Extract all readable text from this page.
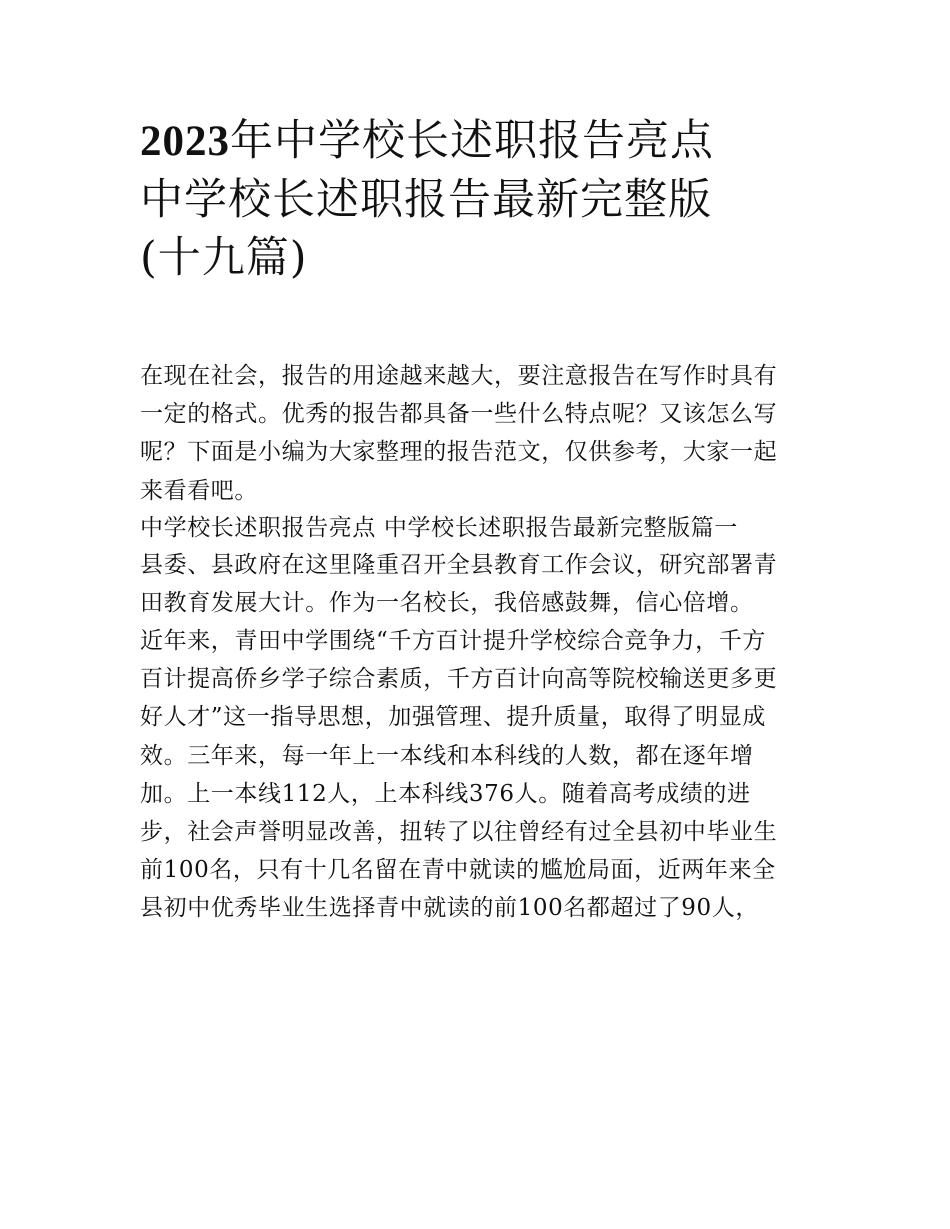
2023年中学校长述职报告亮点
中学校长述职报告最新完整版
(十九篇)
在现在社会，报告的用途越来越大，要注意报告在写作时具有
一定的格式。优秀的报告都具备一些什么特点呢？又该怎么写
呢？下面是小编为大家整理的报告范文，仅供参考，大家一起
来看看吧。
中学校长述职报告亮点 中学校长述职报告最新完整版篇一
县委、县政府在这里隆重召开全县教育工作会议，研究部署青
田教育发展大计。作为一名校长，我倍感鼓舞，信心倍增。
近年来，青田中学围绕“千方百计提升学校综合竞争力，千方
百计提高侨乡学子综合素质，千方百计向高等院校输送更多更
好人才”这一指导思想，加强管理、提升质量，取得了明显成
效。三年来，每一年上一本线和本科线的人数，都在逐年增
加。上一本线112人，上本科线376人。随着高考成绩的进
步，社会声誉明显改善，扭转了以往曾经有过全县初中毕业生
前100名，只有十几名留在青中就读的尴尬局面，近两年来全
县初中优秀毕业生选择青中就读的前100名都超过了90人，
